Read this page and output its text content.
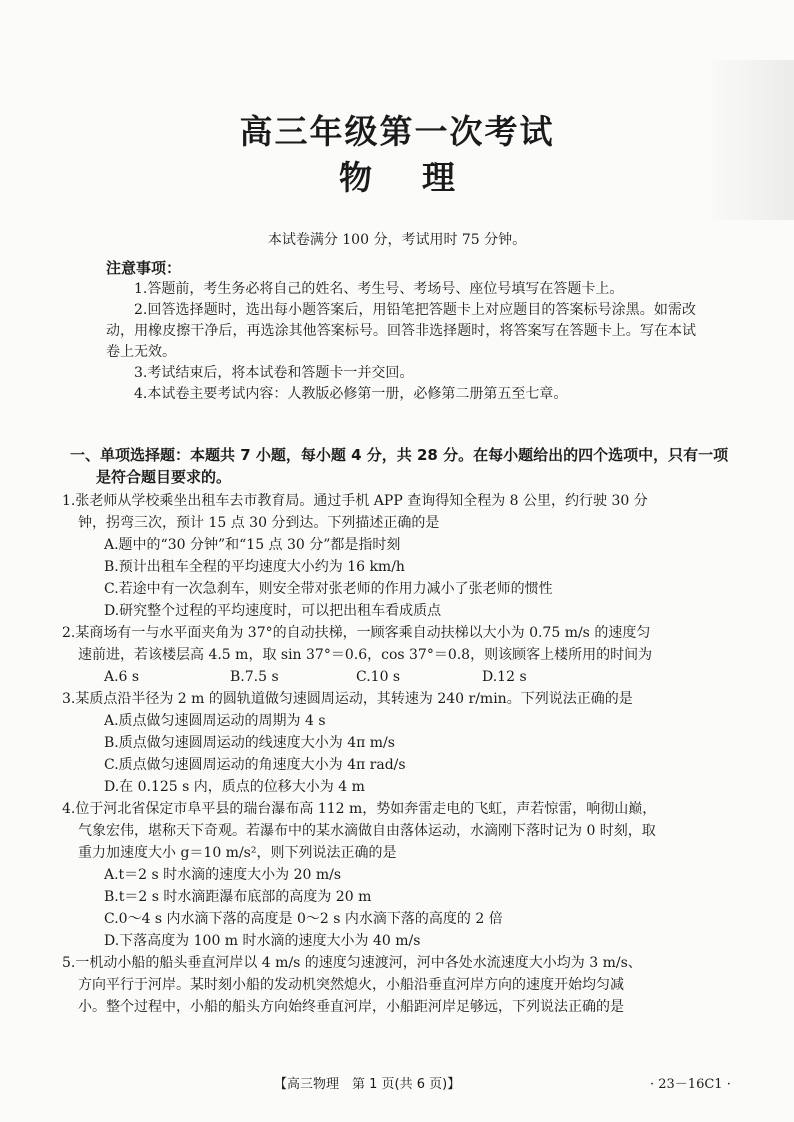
高三年级第一次考试
物理
本试卷满分 100 分，考试用时 75 分钟。
注意事项：

1.答题前，考生务必将自己的姓名、考生号、考场号、座位号填写在答题卡上。

2.回答选择题时，选出每小题答案后，用铅笔把答题卡上对应题目的答案标号涂黑。如需改动，用橡皮擦干净后，再选涂其他答案标号。回答非选择题时，将答案写在答题卡上。写在本试卷上无效。

3.考试结束后，将本试卷和答题卡一并交回。

4.本试卷主要考试内容：人教版必修第一册，必修第二册第五至七章。

一、单项选择题：本题共 7 小题，每小题 4 分，共 28 分。在每小题给出的四个选项中，只有一项
是符合题目要求的。
1.张老师从学校乘坐出租车去市教育局。通过手机 APP 查询得知全程为 8 公里，约行驶 30 分
钟，拐弯三次，预计 15 点 30 分到达。下列描述正确的是
A.题中的“30 分钟”和“15 点 30 分”都是指时刻
B.预计出租车全程的平均速度大小约为 16 km/h
C.若途中有一次急刹车，则安全带对张老师的作用力减小了张老师的惯性
D.研究整个过程的平均速度时，可以把出租车看成质点
2.某商场有一与水平面夹角为 37°的自动扶梯，一顾客乘自动扶梯以大小为 0.75 m/s 的速度匀
速前进，若该楼层高 4.5 m，取 sin 37°＝0.6，cos 37°＝0.8，则该顾客上楼所用的时间为
A.6 s	B.7.5 s	C.10 s	D.12 s
3.某质点沿半径为 2 m 的圆轨道做匀速圆周运动，其转速为 240 r/min。下列说法正确的是
A.质点做匀速圆周运动的周期为 4 s
B.质点做匀速圆周运动的线速度大小为 4π m/s
C.质点做匀速圆周运动的角速度大小为 4π rad/s
D.在 0.125 s 内，质点的位移大小为 4 m
4.位于河北省保定市阜平县的瑞台瀑布高 112 m，势如奔雷走电的飞虹，声若惊雷，响彻山巅，
气象宏伟，堪称天下奇观。若瀑布中的某水滴做自由落体运动，水滴刚下落时记为 0 时刻，取
重力加速度大小 g＝10 m/s²，则下列说法正确的是
A.t＝2 s 时水滴的速度大小为 20 m/s
B.t＝2 s 时水滴距瀑布底部的高度为 20 m
C.0～4 s 内水滴下落的高度是 0～2 s 内水滴下落的高度的 2 倍
D.下落高度为 100 m 时水滴的速度大小为 40 m/s
5.一机动小船的船头垂直河岸以 4 m/s 的速度匀速渡河，河中各处水流速度大小均为 3 m/s、
方向平行于河岸。某时刻小船的发动机突然熄火，小船沿垂直河岸方向的速度开始均匀减
小。整个过程中，小船的船头方向始终垂直河岸，小船距河岸足够远，下列说法正确的是
【高三物理　第 1 页(共 6 页)】	· 23－16C1 ·
